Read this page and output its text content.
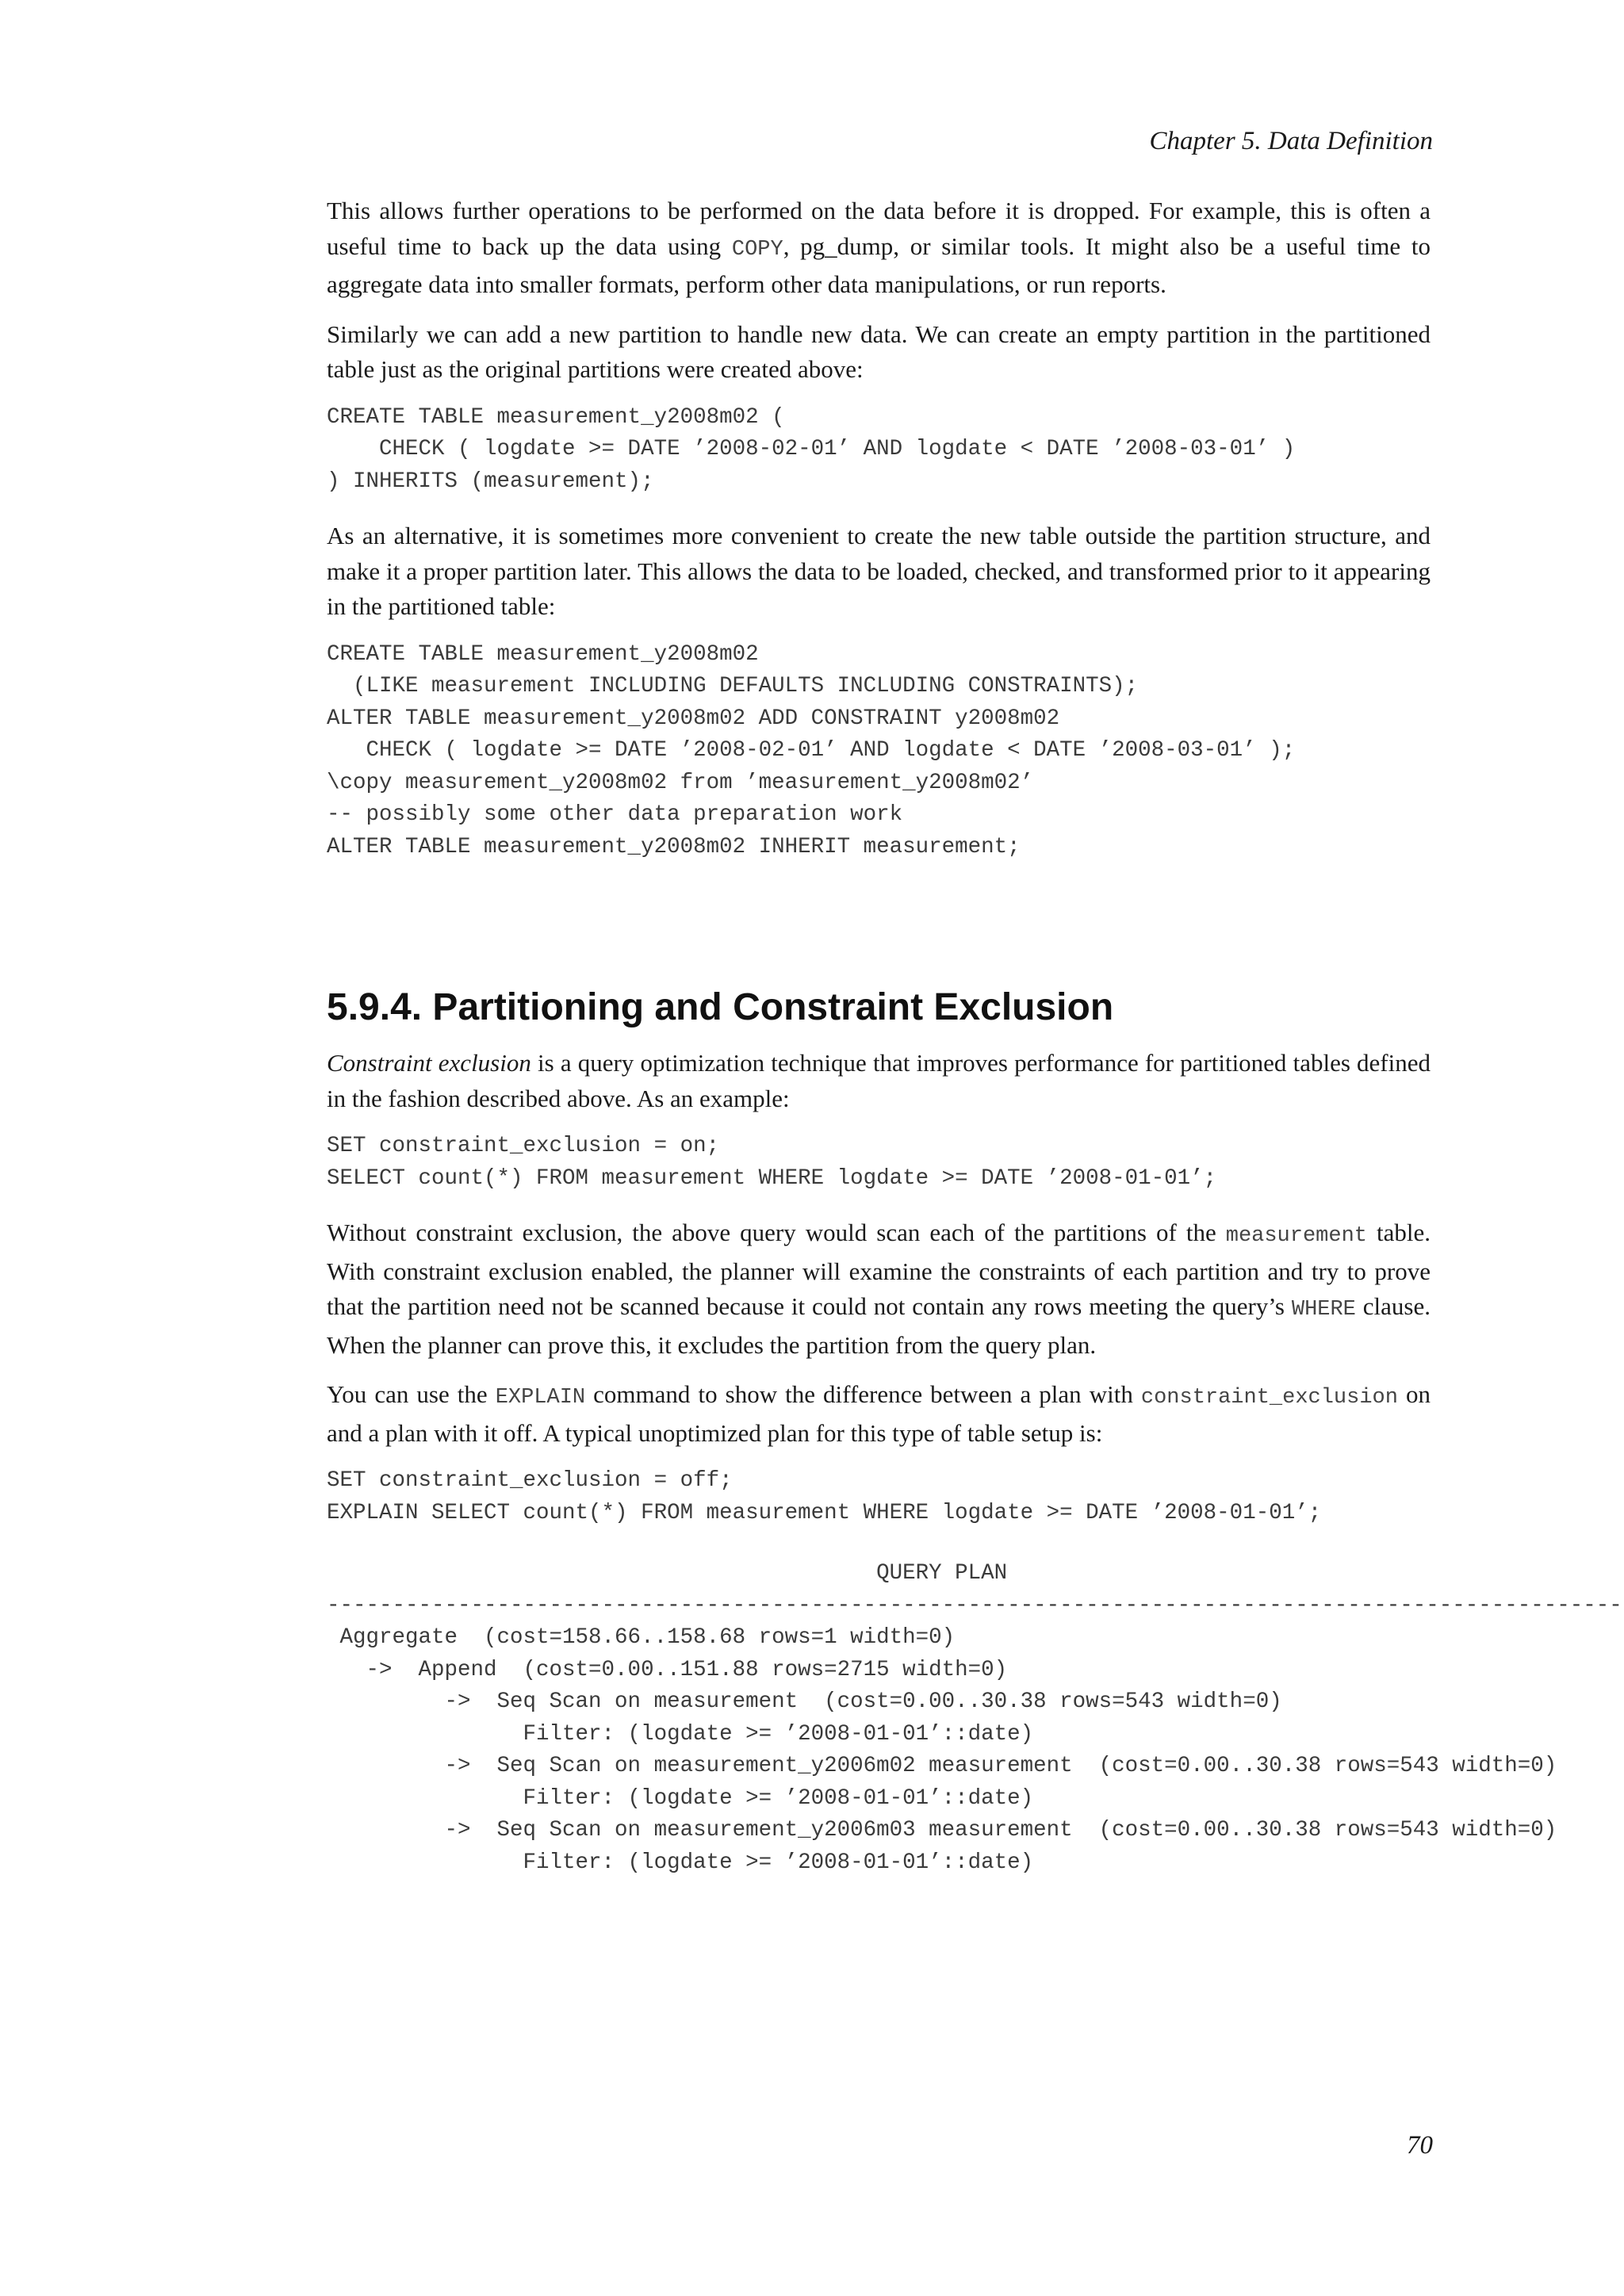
Chapter 5. Data Definition

This allows further operations to be performed on the data before it is dropped. For example, this is often a useful time to back up the data using COPY, pg_dump, or similar tools. It might also be a useful time to aggregate data into smaller formats, perform other data manipulations, or run reports.

Similarly we can add a new partition to handle new data. We can create an empty partition in the partitioned table just as the original partitions were created above:

CREATE TABLE measurement_y2008m02 (
CHECK ( logdate >= DATE ’2008-02-01’ AND logdate < DATE ’2008-03-01’ )
) INHERITS (measurement);

As an alternative, it is sometimes more convenient to create the new table outside the partition structure, and make it a proper partition later. This allows the data to be loaded, checked, and transformed prior to it appearing in the partitioned table:

CREATE TABLE measurement_y2008m02
(LIKE measurement INCLUDING DEFAULTS INCLUDING CONSTRAINTS);
ALTER TABLE measurement_y2008m02 ADD CONSTRAINT y2008m02
CHECK ( logdate >= DATE ’2008-02-01’ AND logdate < DATE ’2008-03-01’ );
\copy measurement_y2008m02 from ’measurement_y2008m02’
-- possibly some other data preparation work
ALTER TABLE measurement_y2008m02 INHERIT measurement;
5.9.4. Partitioning and Constraint Exclusion

Constraint exclusion is a query optimization technique that improves performance for partitioned tables defined in the fashion described above. As an example:

SET constraint_exclusion = on;
SELECT count(*) FROM measurement WHERE logdate >= DATE ’2008-01-01’;

Without constraint exclusion, the above query would scan each of the partitions of the measurement table. With constraint exclusion enabled, the planner will examine the constraints of each partition and try to prove that the partition need not be scanned because it could not contain any rows meeting the query’s WHERE clause. When the planner can prove this, it excludes the partition from the query plan.

You can use the EXPLAIN command to show the difference between a plan with constraint_exclusion on and a plan with it off. A typical unoptimized plan for this type of table setup is:

SET constraint_exclusion = off;
EXPLAIN SELECT count(*) FROM measurement WHERE logdate >= DATE ’2008-01-01’;
QUERY PLAN
---------------------------------------------------------------------------------------------------
Aggregate  (cost=158.66..158.68 rows=1 width=0)
->  Append  (cost=0.00..151.88 rows=2715 width=0)
->  Seq Scan on measurement  (cost=0.00..30.38 rows=543 width=0)
Filter: (logdate >= ’2008-01-01’::date)
->  Seq Scan on measurement_y2006m02 measurement  (cost=0.00..30.38 rows=543 width=0)
Filter: (logdate >= ’2008-01-01’::date)
->  Seq Scan on measurement_y2006m03 measurement  (cost=0.00..30.38 rows=543 width=0)
Filter: (logdate >= ’2008-01-01’::date)
70
